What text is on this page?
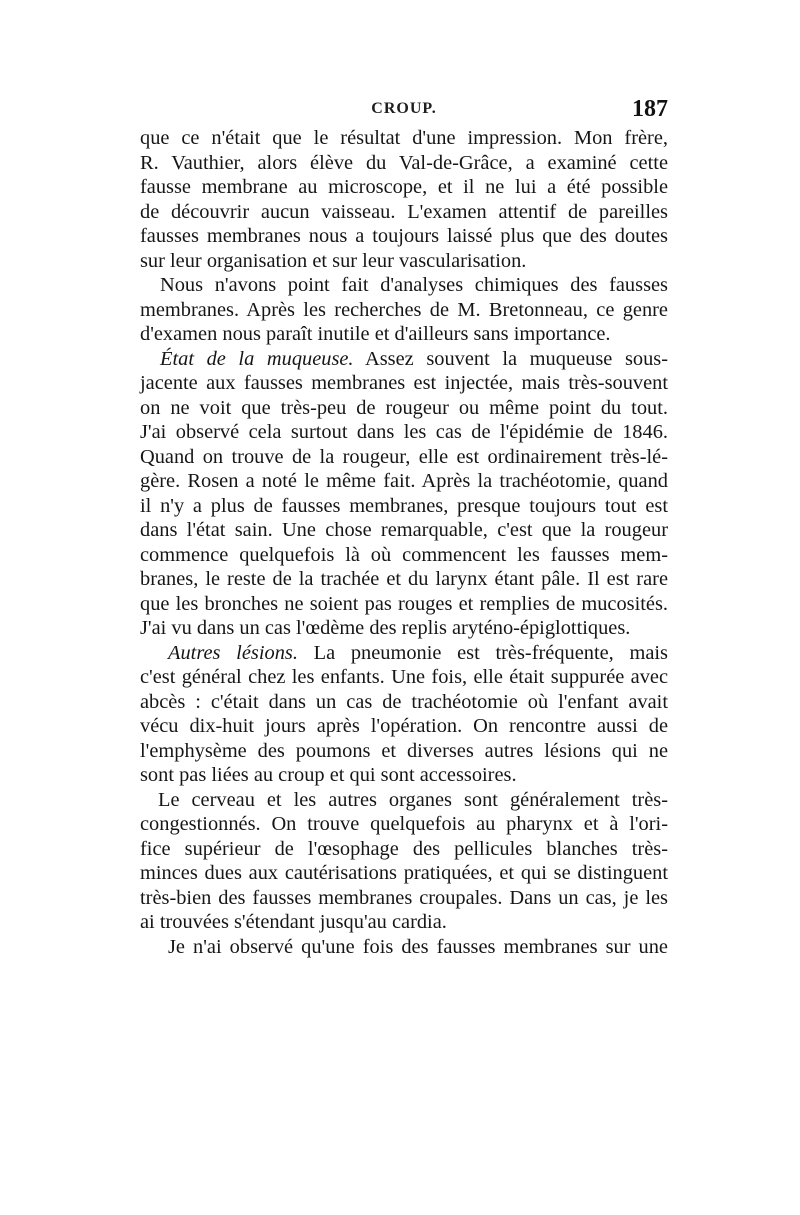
CROUP.	187
que ce n'était que le résultat d'une impression. Mon frère,
R. Vauthier, alors élève du Val-de-Grâce, a examiné cette
fausse membrane au microscope, et il ne lui a été possible
de découvrir aucun vaisseau. L'examen attentif de pareilles
fausses membranes nous a toujours laissé plus que des doutes
sur leur organisation et sur leur vascularisation.
Nous n'avons point fait d'analyses chimiques des fausses
membranes. Après les recherches de M. Bretonneau, ce genre
d'examen nous paraît inutile et d'ailleurs sans importance.
État de la muqueuse. Assez souvent la muqueuse sous-
jacente aux fausses membranes est injectée, mais très-souvent
on ne voit que très-peu de rougeur ou même point du tout.
J'ai observé cela surtout dans les cas de l'épidémie de 1846.
Quand on trouve de la rougeur, elle est ordinairement très-lé-
gère. Rosen a noté le même fait. Après la trachéotomie, quand
il n'y a plus de fausses membranes, presque toujours tout est
dans l'état sain. Une chose remarquable, c'est que la rougeur
commence quelquefois là où commencent les fausses mem-
branes, le reste de la trachée et du larynx étant pâle. Il est rare
que les bronches ne soient pas rouges et remplies de mucosités.
J'ai vu dans un cas l'œdème des replis aryténo-épiglottiques.
Autres lésions. La pneumonie est très-fréquente, mais
c'est général chez les enfants. Une fois, elle était suppurée avec
abcès : c'était dans un cas de trachéotomie où l'enfant avait
vécu dix-huit jours après l'opération. On rencontre aussi de
l'emphysème des poumons et diverses autres lésions qui ne
sont pas liées au croup et qui sont accessoires.
Le cerveau et les autres organes sont généralement très-
congestionnés. On trouve quelquefois au pharynx et à l'ori-
fice supérieur de l'œsophage des pellicules blanches très-
minces dues aux cautérisations pratiquées, et qui se distinguent
très-bien des fausses membranes croupales. Dans un cas, je les
ai trouvées s'étendant jusqu'au cardia.
Je n'ai observé qu'une fois des fausses membranes sur une
